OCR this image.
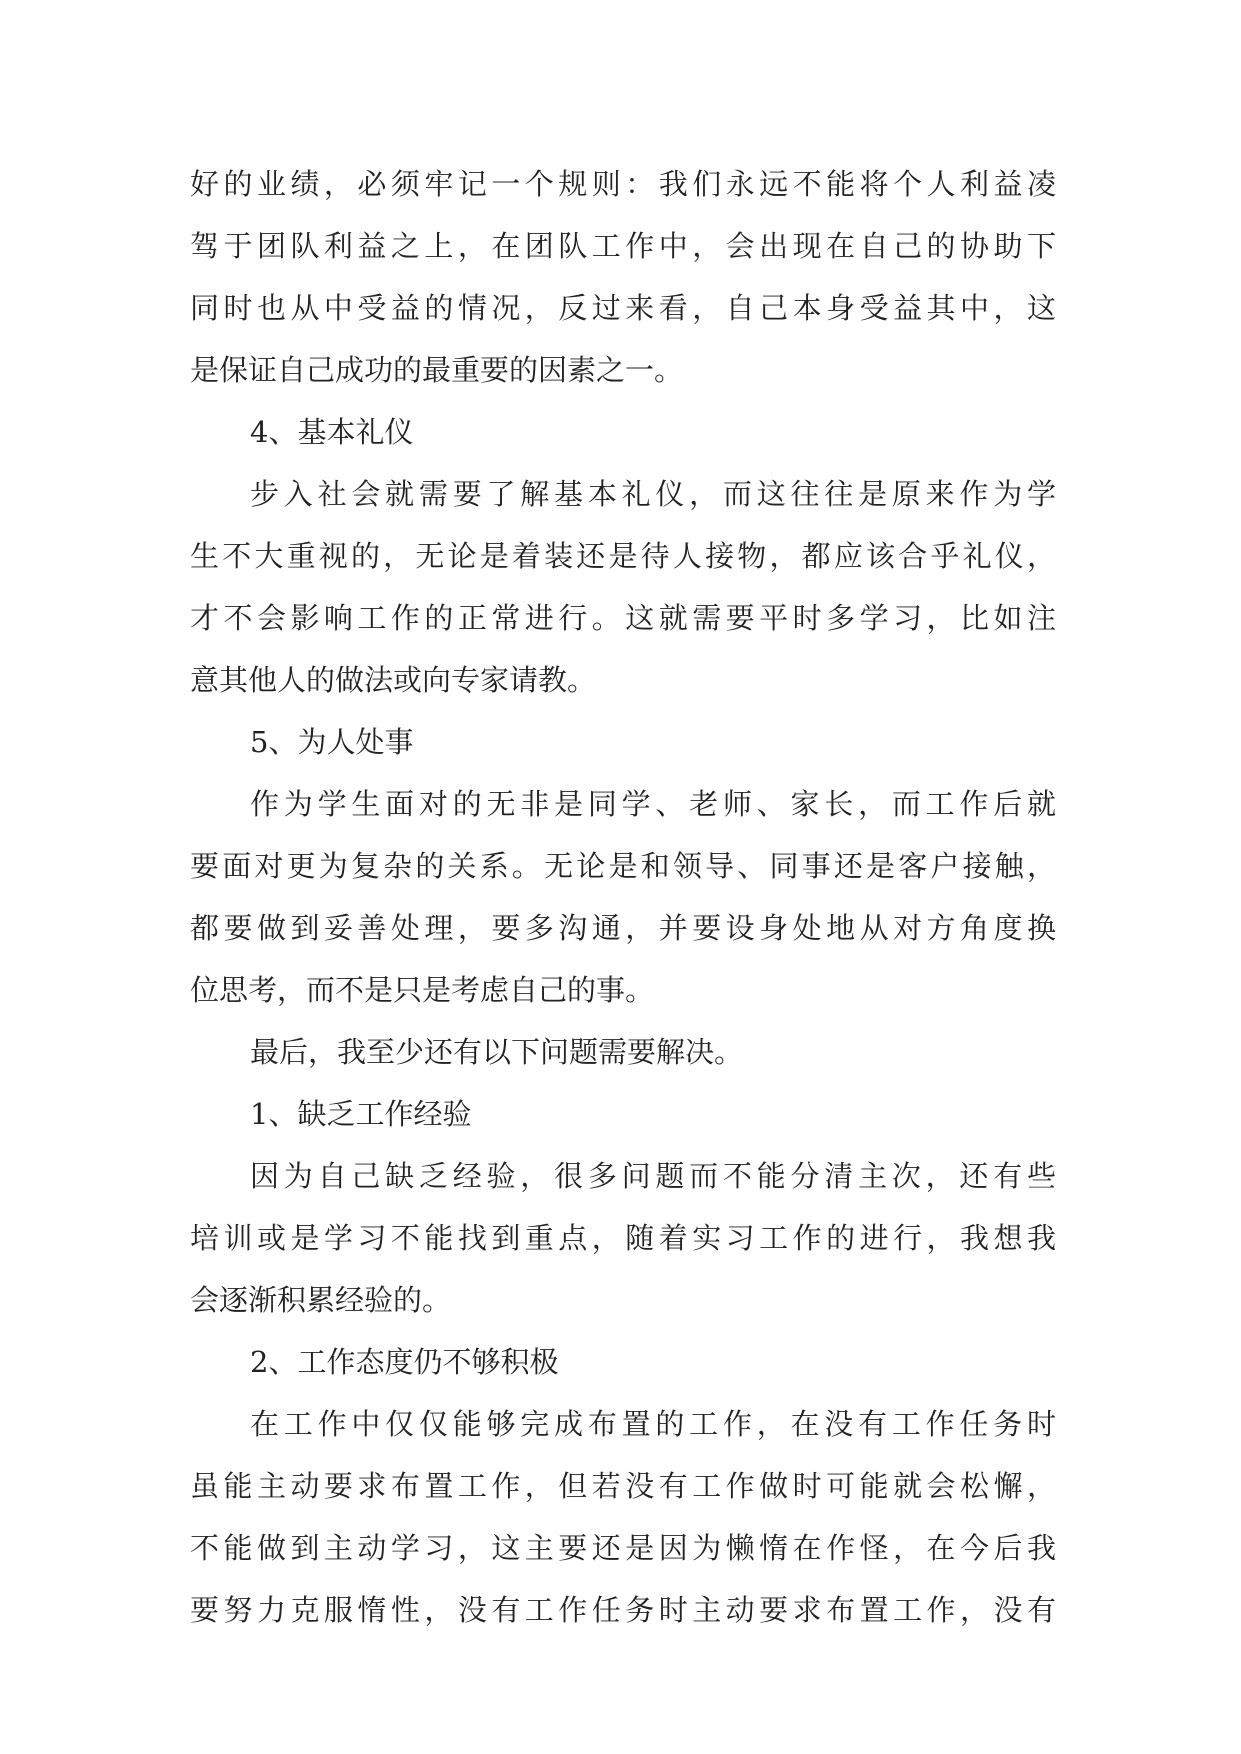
好的业绩，必须牢记一个规则：我们永远不能将个人利益凌
驾于团队利益之上，在团队工作中，会出现在自己的协助下
同时也从中受益的情况，反过来看，自己本身受益其中，这
是保证自己成功的最重要的因素之一。
4、基本礼仪
步入社会就需要了解基本礼仪，而这往往是原来作为学
生不大重视的，无论是着装还是待人接物，都应该合乎礼仪，
才不会影响工作的正常进行。这就需要平时多学习，比如注
意其他人的做法或向专家请教。
5、为人处事
作为学生面对的无非是同学、老师、家长，而工作后就
要面对更为复杂的关系。无论是和领导、同事还是客户接触，
都要做到妥善处理，要多沟通，并要设身处地从对方角度换
位思考，而不是只是考虑自己的事。
最后，我至少还有以下问题需要解决。
1、缺乏工作经验
因为自己缺乏经验，很多问题而不能分清主次，还有些
培训或是学习不能找到重点，随着实习工作的进行，我想我
会逐渐积累经验的。
2、工作态度仍不够积极
在工作中仅仅能够完成布置的工作，在没有工作任务时
虽能主动要求布置工作，但若没有工作做时可能就会松懈，
不能做到主动学习，这主要还是因为懒惰在作怪，在今后我
要努力克服惰性，没有工作任务时主动要求布置工作，没有
